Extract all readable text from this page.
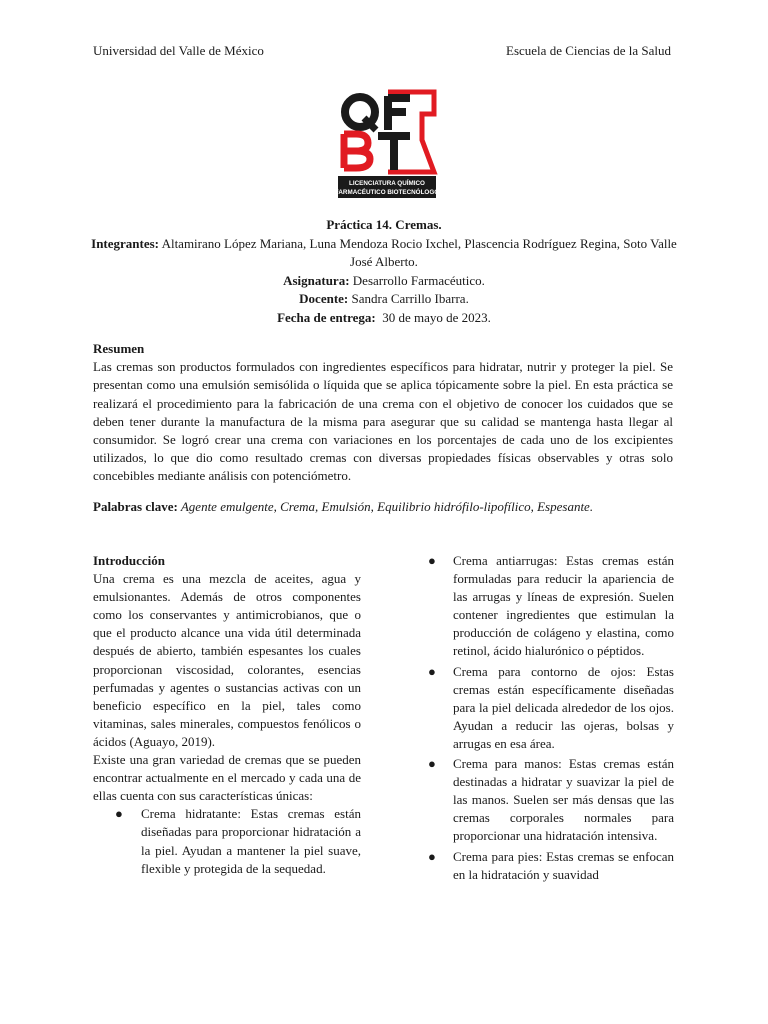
Universidad del Valle de México	Escuela de Ciencias de la Salud
LICENCIATURA QUÍMICO
FARMACÉUTICO BIOTECNÓLOGO
Práctica 14. Cremas.
Integrantes: Altamirano López Mariana, Luna Mendoza Rocio Ixchel, Plascencia Rodríguez Regina, Soto Valle José Alberto.
Asignatura: Desarrollo Farmacéutico.
Docente: Sandra Carrillo Ibarra.
Fecha de entrega:  30 de mayo de 2023.
Resumen

Las cremas son productos formulados con ingredientes específicos para hidratar, nutrir y proteger la piel. Se presentan como una emulsión semisólida o líquida que se aplica tópicamente sobre la piel. En esta práctica se realizará el procedimiento para la fabricación de una crema con el objetivo de conocer los cuidados que se deben tener durante la manufactura de la misma para asegurar que su calidad se mantenga hasta llegar al consumidor. Se logró crear una crema con variaciones en los porcentajes de cada uno de los excipientes utilizados, lo que dio como resultado cremas con diversas propiedades físicas observables y otras solo concebibles mediante análisis con potenciómetro.

Palabras clave: Agente emulgente, Crema, Emulsión, Equilibrio hidrófilo-lipofílico, Espesante.
Introducción

Una crema es una mezcla de aceites, agua y emulsionantes. Además de otros componentes como los conservantes y antimicrobianos, que o que el producto alcance una vida útil determinada después de abierto, también espesantes los cuales proporcionan viscosidad, colorantes, esencias perfumadas y agentes o sustancias activas con un beneficio específico en la piel, tales como vitaminas, sales minerales, compuestos fenólicos o ácidos (Aguayo, 2019).

Existe una gran variedad de cremas que se pueden encontrar actualmente en el mercado y cada una de ellas cuenta con sus características únicas:

● Crema hidratante: Estas cremas están diseñadas para proporcionar hidratación a la piel. Ayudan a mantener la piel suave, flexible y protegida de la sequedad.
● Crema antiarrugas: Estas cremas están formuladas para reducir la apariencia de las arrugas y líneas de expresión. Suelen contener ingredientes que estimulan la producción de colágeno y elastina, como retinol, ácido hialurónico o péptidos.
● Crema para contorno de ojos: Estas cremas están específicamente diseñadas para la piel delicada alrededor de los ojos. Ayudan a reducir las ojeras, bolsas y arrugas en esa área.
● Crema para manos: Estas cremas están destinadas a hidratar y suavizar la piel de las manos. Suelen ser más densas que las cremas corporales normales para proporcionar una hidratación intensiva.
● Crema para pies: Estas cremas se enfocan en la hidratación y suavidad
